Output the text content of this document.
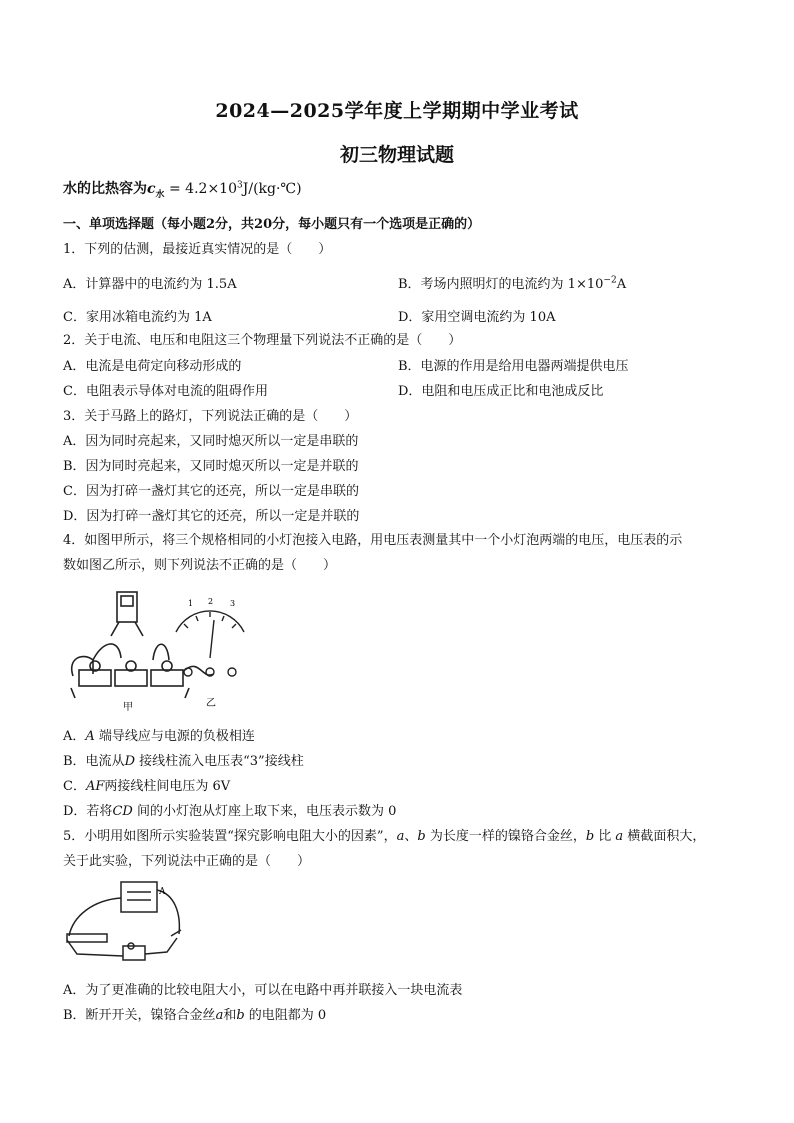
2024—2025学年度上学期期中学业考试
初三物理试题
水的比热容为$c_水$ = $4.2\times 10^3J/(kg\cdot℃)$
一、单项选择题（每小题2分，共20分，每小题只有一个选项是正确的）
1．下列的估测，最接近真实情况的是（　　）
A．计算器中的电流约为 1.5A	B．考场内照明灯的电流约为 $1\times 10^{-2}A$
C．家用冰箱电流约为 1A	D．家用空调电流约为 10A
2．关于电流、电压和电阻这三个物理量下列说法不正确的是（　　）
A．电流是电荷定向移动形成的	B．电源的作用是给用电器两端提供电压
C．电阻表示导体对电流的阻碍作用	D．电阻和电压成正比和电池成反比
3．关于马路上的路灯，下列说法正确的是（　　）
A．因为同时亮起来，又同时熄灭所以一定是串联的
B．因为同时亮起来，又同时熄灭所以一定是并联的
C．因为打碎一盏灯其它的还亮，所以一定是串联的
D．因为打碎一盏灯其它的还亮，所以一定是并联的
4．如图甲所示，将三个规格相同的小灯泡接入电路，用电压表测量其中一个小灯泡两端的电压，电压表的示
数如图乙所示，则下列说法不正确的是（　　）
甲
1 2 3
乙
A．A 端导线应与电源的负极相连
B．电流从D 接线柱流入电压表“3”接线柱
C．AF两接线柱间电压为 6V
D．若将CD 间的小灯泡从灯座上取下来，电压表示数为 0
5．小明用如图所示实验装置“探究影响电阻大小的因素”，a、b 为长度一样的镍铬合金丝，b 比 a 横截面积大，
关于此实验，下列说法中正确的是（　　）
A
A．为了更准确的比较电阻大小，可以在电路中再并联接入一块电流表
B．断开开关，镍铬合金丝a和b 的电阻都为 0
